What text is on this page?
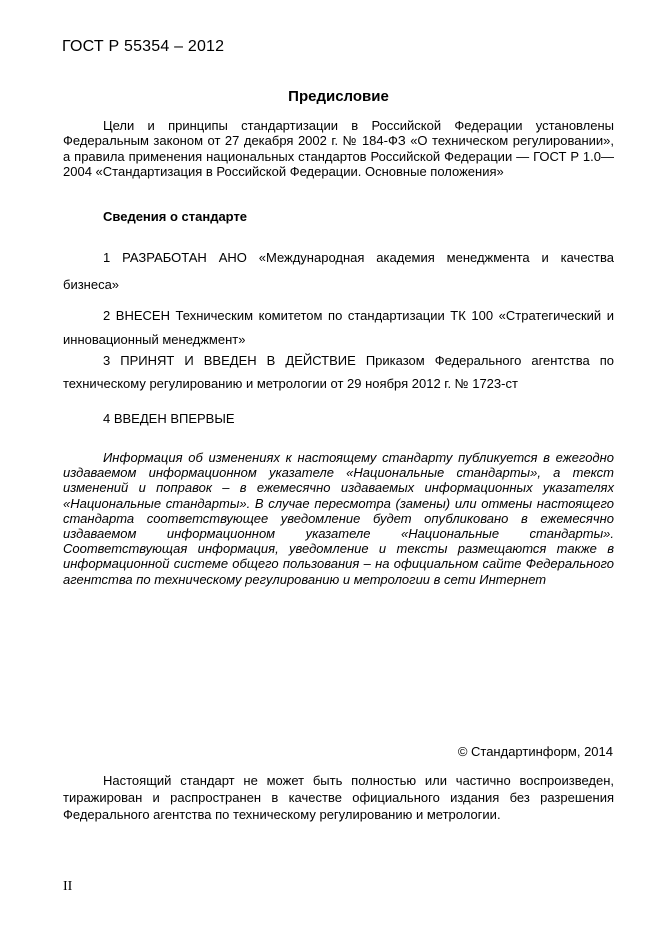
ГОСТ Р 55354 – 2012
Предисловие
Цели и принципы стандартизации в Российской Федерации установлены Федеральным законом от 27 декабря 2002 г. № 184-ФЗ «О техническом регулировании», а правила применения национальных стандартов Российской Федерации — ГОСТ Р 1.0—2004 «Стандартизация в Российской Федерации. Основные положения»
Сведения о стандарте
1 РАЗРАБОТАН АНО «Международная академия менеджмента и качества бизнеса»
2 ВНЕСЕН Техническим комитетом по стандартизации ТК 100 «Стратегический и инновационный менеджмент»
3 ПРИНЯТ И ВВЕДЕН В ДЕЙСТВИЕ Приказом Федерального агентства по техническому регулированию и метрологии от 29 ноября 2012 г. № 1723-ст
4 ВВЕДЕН ВПЕРВЫЕ
Информация об изменениях к настоящему стандарту публикуется в ежегодно издаваемом информационном указателе «Национальные стандарты», а текст изменений и поправок – в ежемесячно издаваемых информационных указателях «Национальные стандарты». В случае пересмотра (замены) или отмены настоящего стандарта соответствующее уведомление будет опубликовано в ежемесячно издаваемом информационном указателе «Национальные стандарты». Соответствующая информация, уведомление и тексты размещаются также в информационной системе общего пользования – на официальном сайте Федерального агентства по техническому регулированию и метрологии в сети Интернет
© Стандартинформ, 2014
Настоящий стандарт не может быть полностью или частично воспроизведен, тиражирован и распространен в качестве официального издания без разрешения Федерального агентства по техническому регулированию и метрологии.
II
